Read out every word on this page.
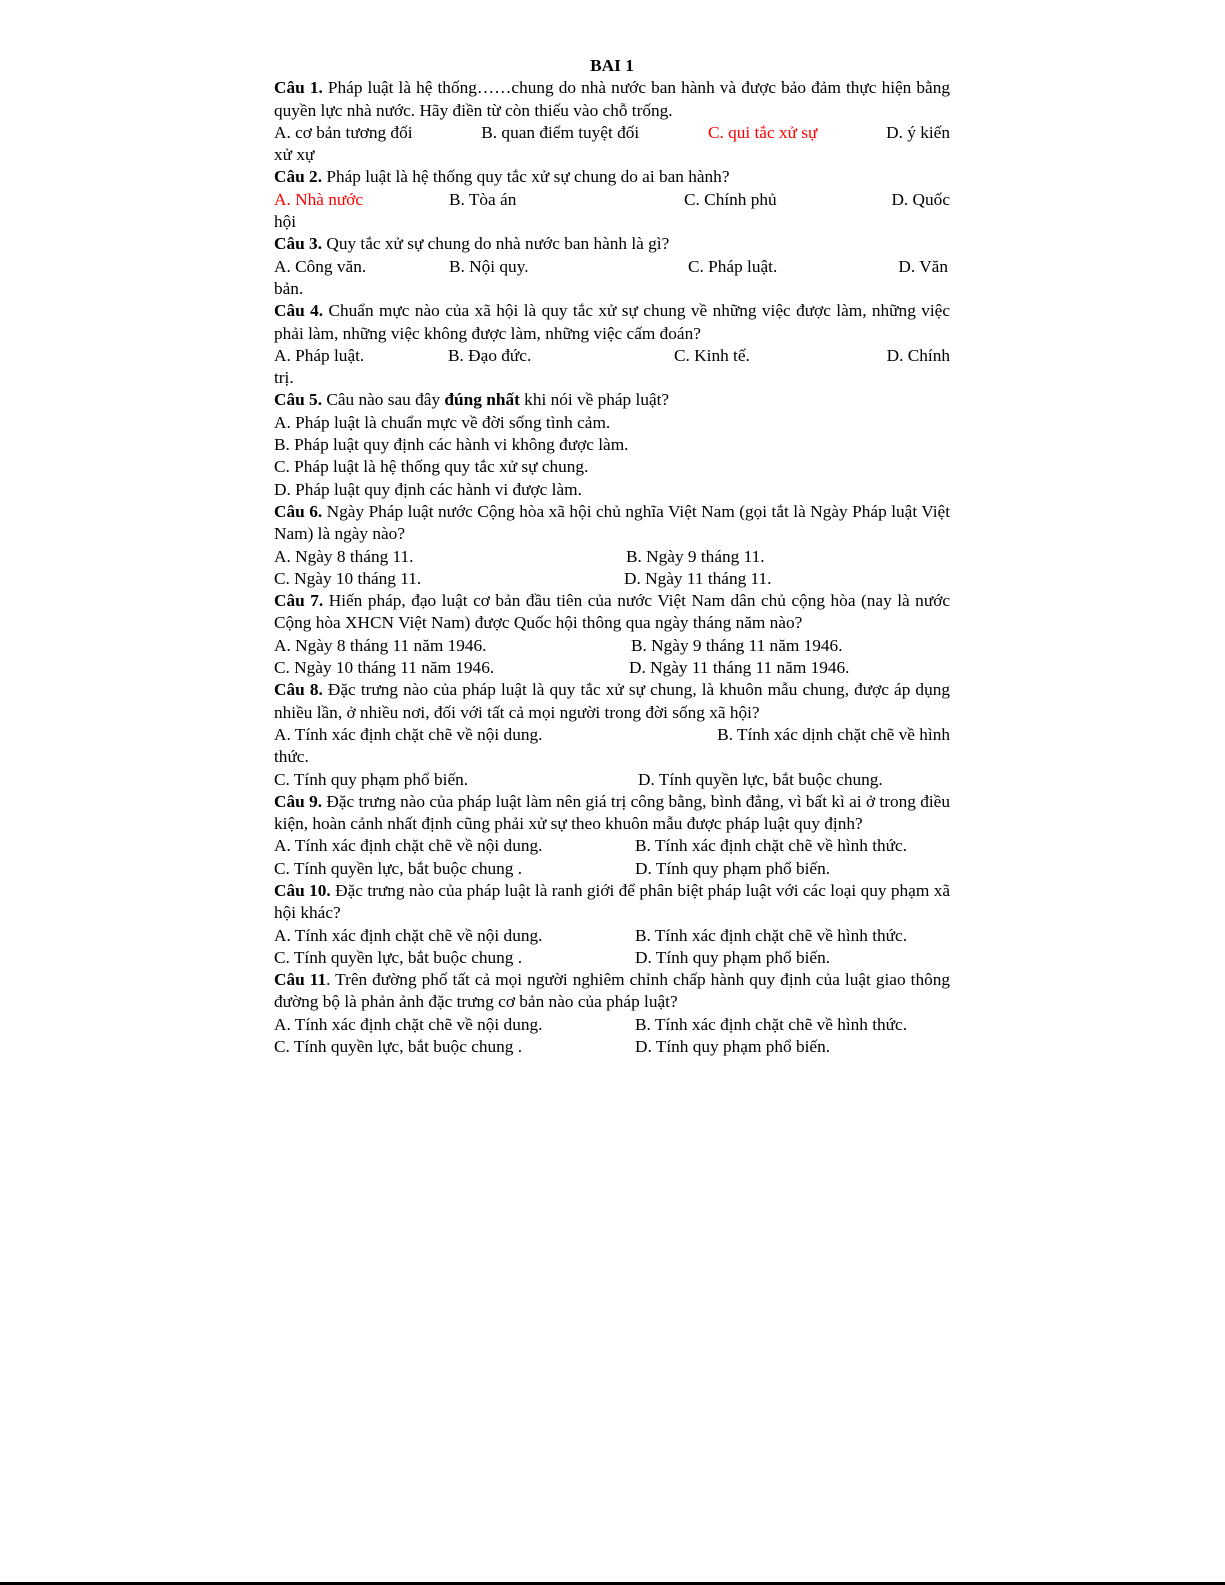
BAI 1
Câu 1. Pháp luật là hệ thống……chung do nhà nước ban hành và được bảo đảm thực hiện bằng quyền lực nhà nước. Hãy điền từ còn thiếu vào chỗ trống.
A. cơ bản tương đối	B. quan điểm tuyệt đối	C. qui tắc xử sự	D. ý kiến
xử xự
Câu 2. Pháp luật là hệ thống quy tắc xử sự chung do ai ban hành?
A. Nhà nước	B. Tòa án	C. Chính phủ	D. Quốc
hội
Câu 3. Quy tắc xử sự chung do nhà nước ban hành là gì?
A. Công văn.	B. Nội quy.	C. Pháp luật.	D. Văn
bản.
Câu 4. Chuẩn mực nào của xã hội là quy tắc xử sự chung về những việc được làm, những việc phải làm, những việc không được làm, những việc cấm đoán?
A. Pháp luật.	B. Đạo đức.	C. Kinh tế.	D. Chính
trị.
Câu 5. Câu nào sau đây đúng nhất khi nói về pháp luật?
A. Pháp luật là chuẩn mực về đời sống tình cảm.
B. Pháp luật quy định các hành vi không được làm.
C. Pháp luật là hệ thống quy tắc xử sự chung.
D. Pháp luật quy định các hành vi được làm.
Câu 6. Ngày Pháp luật nước Cộng hòa xã hội chủ nghĩa Việt Nam (gọi tắt là Ngày Pháp luật Việt Nam) là ngày nào?
A. Ngày 8 tháng 11.	B. Ngày 9 tháng 11.
C. Ngày 10 tháng 11.	D. Ngày 11 tháng 11.
Câu 7. Hiến pháp, đạo luật cơ bản đầu tiên của nước Việt Nam dân chủ cộng hòa (nay là nước Cộng hòa XHCN Việt Nam) được Quốc hội thông qua ngày tháng năm nào?
A. Ngày 8 tháng 11 năm 1946.	B. Ngày 9 tháng 11 năm 1946.
C. Ngày 10 tháng 11 năm 1946.	D. Ngày 11 tháng 11 năm 1946.
Câu 8. Đặc trưng nào của pháp luật là quy tắc xử sự chung, là khuôn mẫu chung, được áp dụng nhiều lần, ở nhiều nơi, đối với tất cả mọi người trong đời sống xã hội?
A. Tính xác định chặt chẽ về nội dung.	B. Tính xác dịnh chặt chẽ về hình
thức.
C. Tính quy phạm phổ biến.	D. Tính quyền lực, bắt buộc chung.
Câu 9. Đặc trưng nào của pháp luật làm nên giá trị công bằng, bình đẳng, vì bất kì ai ở trong điều kiện, hoàn cảnh nhất định cũng phải xử sự theo khuôn mẫu được pháp luật quy định?
A. Tính xác định chặt chẽ về nội dung.	B. Tính xác định chặt chẽ về hình thức.
C. Tính quyền lực, bắt buộc chung .	D. Tính quy phạm phổ biến.
Câu 10. Đặc trưng nào của pháp luật là ranh giới để phân biệt pháp luật với các loại quy phạm xã hội khác?
A. Tính xác định chặt chẽ về nội dung.	B. Tính xác định chặt chẽ về hình thức.
C. Tính quyền lực, bắt buộc chung .	D. Tính quy phạm phổ biến.
Câu 11. Trên đường phố tất cả mọi người nghiêm chỉnh chấp hành quy định của luật giao thông đường bộ là phản ảnh đặc trưng cơ bản nào của pháp luật?
A. Tính xác định chặt chẽ về nội dung.	B. Tính xác định chặt chẽ về hình thức.
C. Tính quyền lực, bắt buộc chung .	D. Tính quy phạm phổ biến.
